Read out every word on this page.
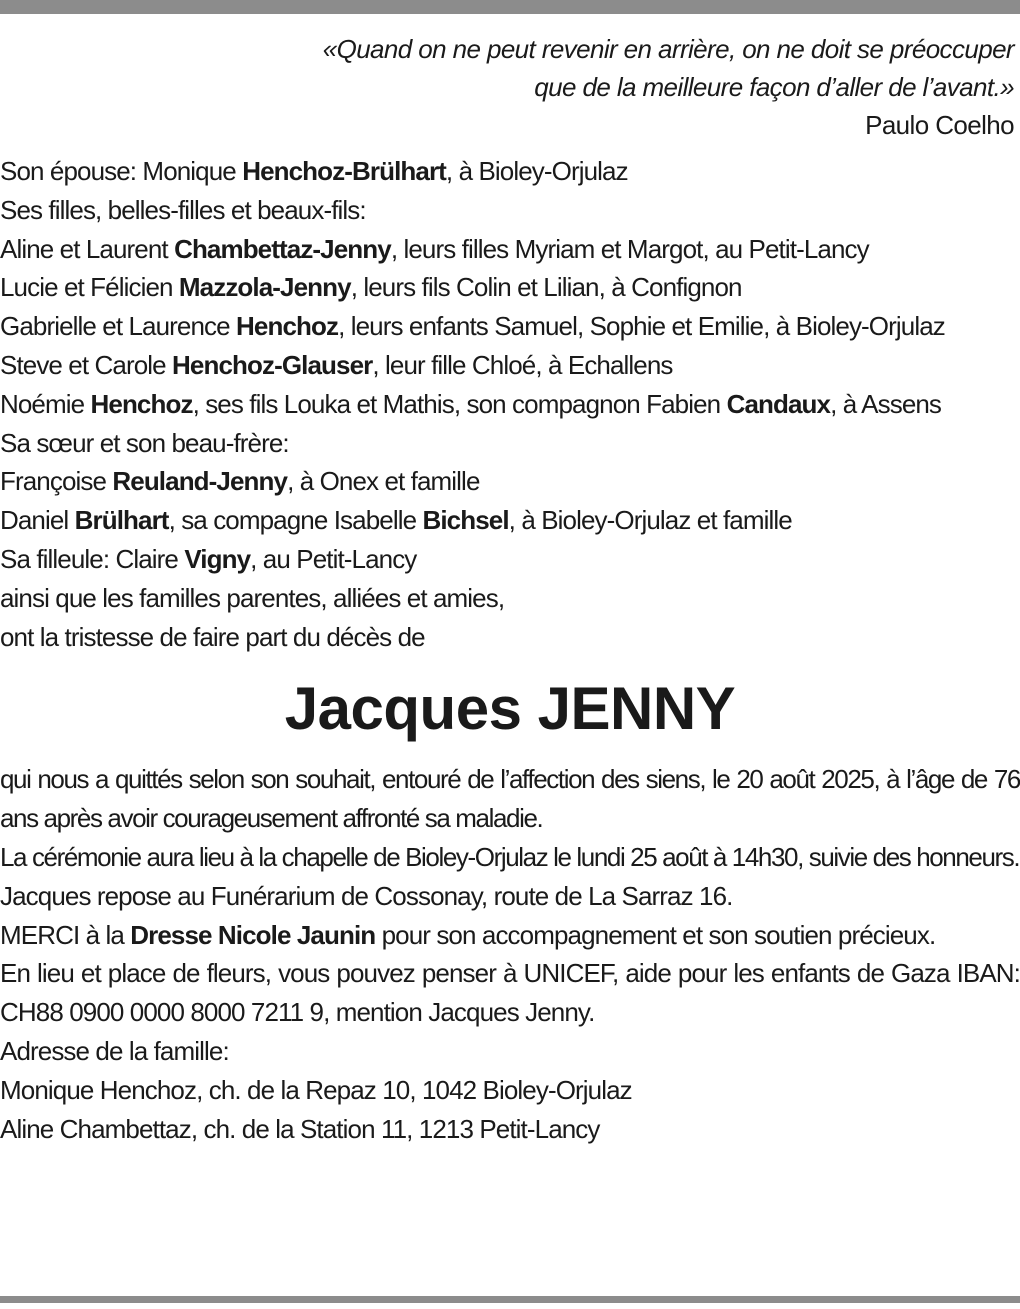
«Quand on ne peut revenir en arrière, on ne doit se préoccuper
que de la meilleure façon d’aller de l’avant.»
Paulo Coelho
Son épouse: Monique Henchoz-Brülhart, à Bioley-Orjulaz
Ses filles, belles-filles et beaux-fils:
Aline et Laurent Chambettaz-Jenny, leurs filles Myriam et Margot, au Petit-Lancy
Lucie et Félicien Mazzola-Jenny, leurs fils Colin et Lilian, à Confignon
Gabrielle et Laurence Henchoz, leurs enfants Samuel, Sophie et Emilie, à Bioley-Orjulaz
Steve et Carole Henchoz-Glauser, leur fille Chloé, à Echallens
Noémie Henchoz, ses fils Louka et Mathis, son compagnon Fabien Candaux, à Assens
Sa sœur et son beau-frère:
Françoise Reuland-Jenny, à Onex et famille
Daniel Brülhart, sa compagne Isabelle Bichsel, à Bioley-Orjulaz et famille
Sa filleule: Claire Vigny, au Petit-Lancy
ainsi que les familles parentes, alliées et amies,
ont la tristesse de faire part du décès de
Jacques JENNY
qui nous a quittés selon son souhait, entouré de l’affection des siens, le 20 août 2025, à l’âge de 76 ans après avoir courageusement affronté sa maladie.
La cérémonie aura lieu à la chapelle de Bioley-Orjulaz le lundi 25 août à 14h30, suivie des honneurs.
Jacques repose au Funérarium de Cossonay, route de La Sarraz 16.
MERCI à la Dresse Nicole Jaunin pour son accompagnement et son soutien précieux.
En lieu et place de fleurs, vous pouvez penser à UNICEF, aide pour les enfants de Gaza IBAN: CH88 0900 0000 8000 7211 9, mention Jacques Jenny.
Adresse de la famille:
Monique Henchoz, ch. de la Repaz 10, 1042 Bioley-Orjulaz
Aline Chambettaz, ch. de la Station 11, 1213 Petit-Lancy
